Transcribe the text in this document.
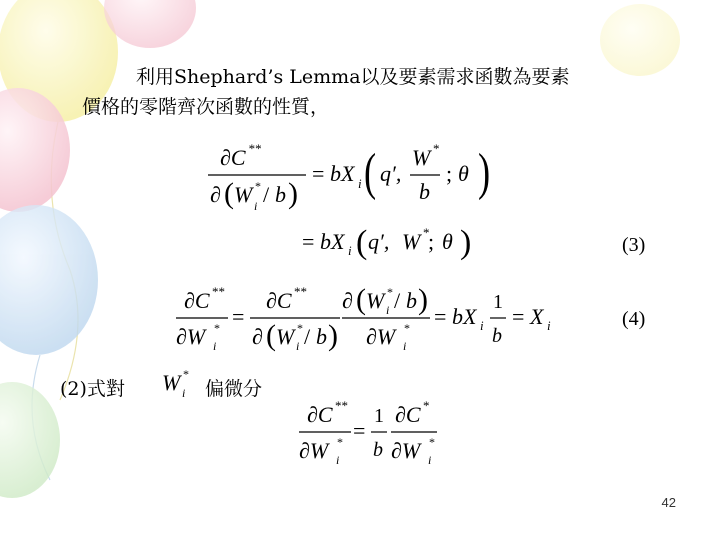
利用Shephard’s Lemma以及要素需求函數為要素
價格的零階齊次函數的性質，
∂C **
∂ ( W *
i / b )
= bX i ( q′,
W *
b
; θ )
= bX i ( q′, W *
; θ )	(3)
∂C **
∂W *
i
=
∂C **
∂ ( W *
i / b )
∂ ( W *
i / b )
∂W *
i
= bX i
1
b
= X i	(4)
(2)式對 W *
i 偏微分
∂C **
∂W *
i
=
1
b
∂C *
∂W *
i
42
